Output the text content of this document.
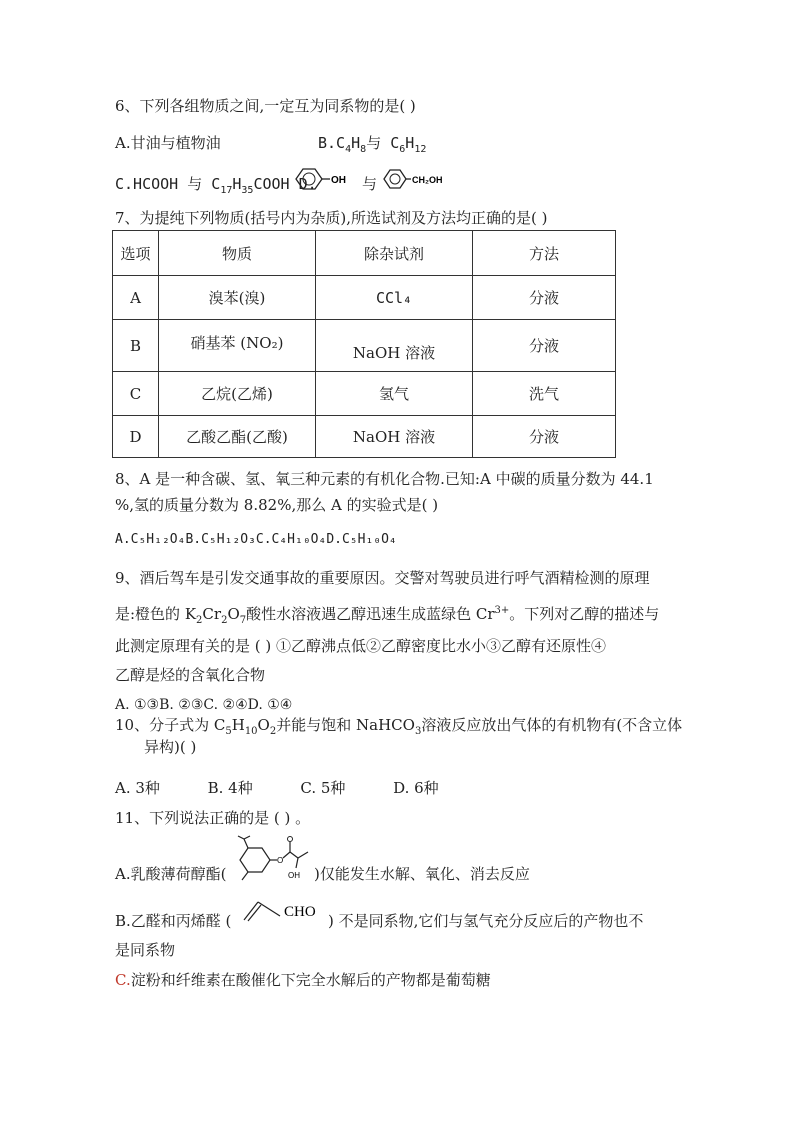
6、下列各组物质之间,一定互为同系物的是( )
A.甘油与植物油	$B.C_4H_8$与 $C_6H_{12}$
C.HCOOH 与 $C_{17}H_{35}COOH$ D. OH 与	CH₂OH
7、为提纯下列物质(括号内为杂质),所选试剂及方法均正确的是( )
选项	物质	除杂试剂	方法
A	溴苯(溴)	CCl₄	分液
B	硝基苯 (NO₂)	NaOH 溶液	分液
C	乙烷(乙烯)	氢气	洗气
D	乙酸乙酯(乙酸)	NaOH 溶液	分液
8、A 是一种含碳、氢、氧三种元素的有机化合物.已知:A 中碳的质量分数为 44.1
%,氢的质量分数为 8.82%,那么 A 的实验式是( )
A.C₅H₁₂O₄B.C₅H₁₂O₃C.C₄H₁₀O₄D.C₅H₁₀O₄
9、酒后驾车是引发交通事故的重要原因。交警对驾驶员进行呼气酒精检测的原理
是:橙色的 $K_2Cr_2O_7$酸性水溶液遇乙醇迅速生成蓝绿色 $Cr^{3+}$。下列对乙醇的描述与
此测定原理有关的是 ( ) ①乙醇沸点低②乙醇密度比水小③乙醇有还原性④
乙醇是烃的含氧化合物
A. ①③B. ②③C. ②④D. ①④
10、分子式为 $C_5H_{10}O_2$并能与饱和 NaHCO$_3$溶液反应放出气体的有机物有(不含立体
异构)( )
A. 3种          B. 4种          C. 5种          D. 6种
11、下列说法正确的是 ( ) 。
A.乳酸薄荷醇酯(
O
OH )仅能发生水解、氧化、消去反应
B.乙醛和丙烯醛 (	CHO ) 不是同系物,它们与氢气充分反应后的产物也不
是同系物
C.淀粉和纤维素在酸催化下完全水解后的产物都是葡萄糖
